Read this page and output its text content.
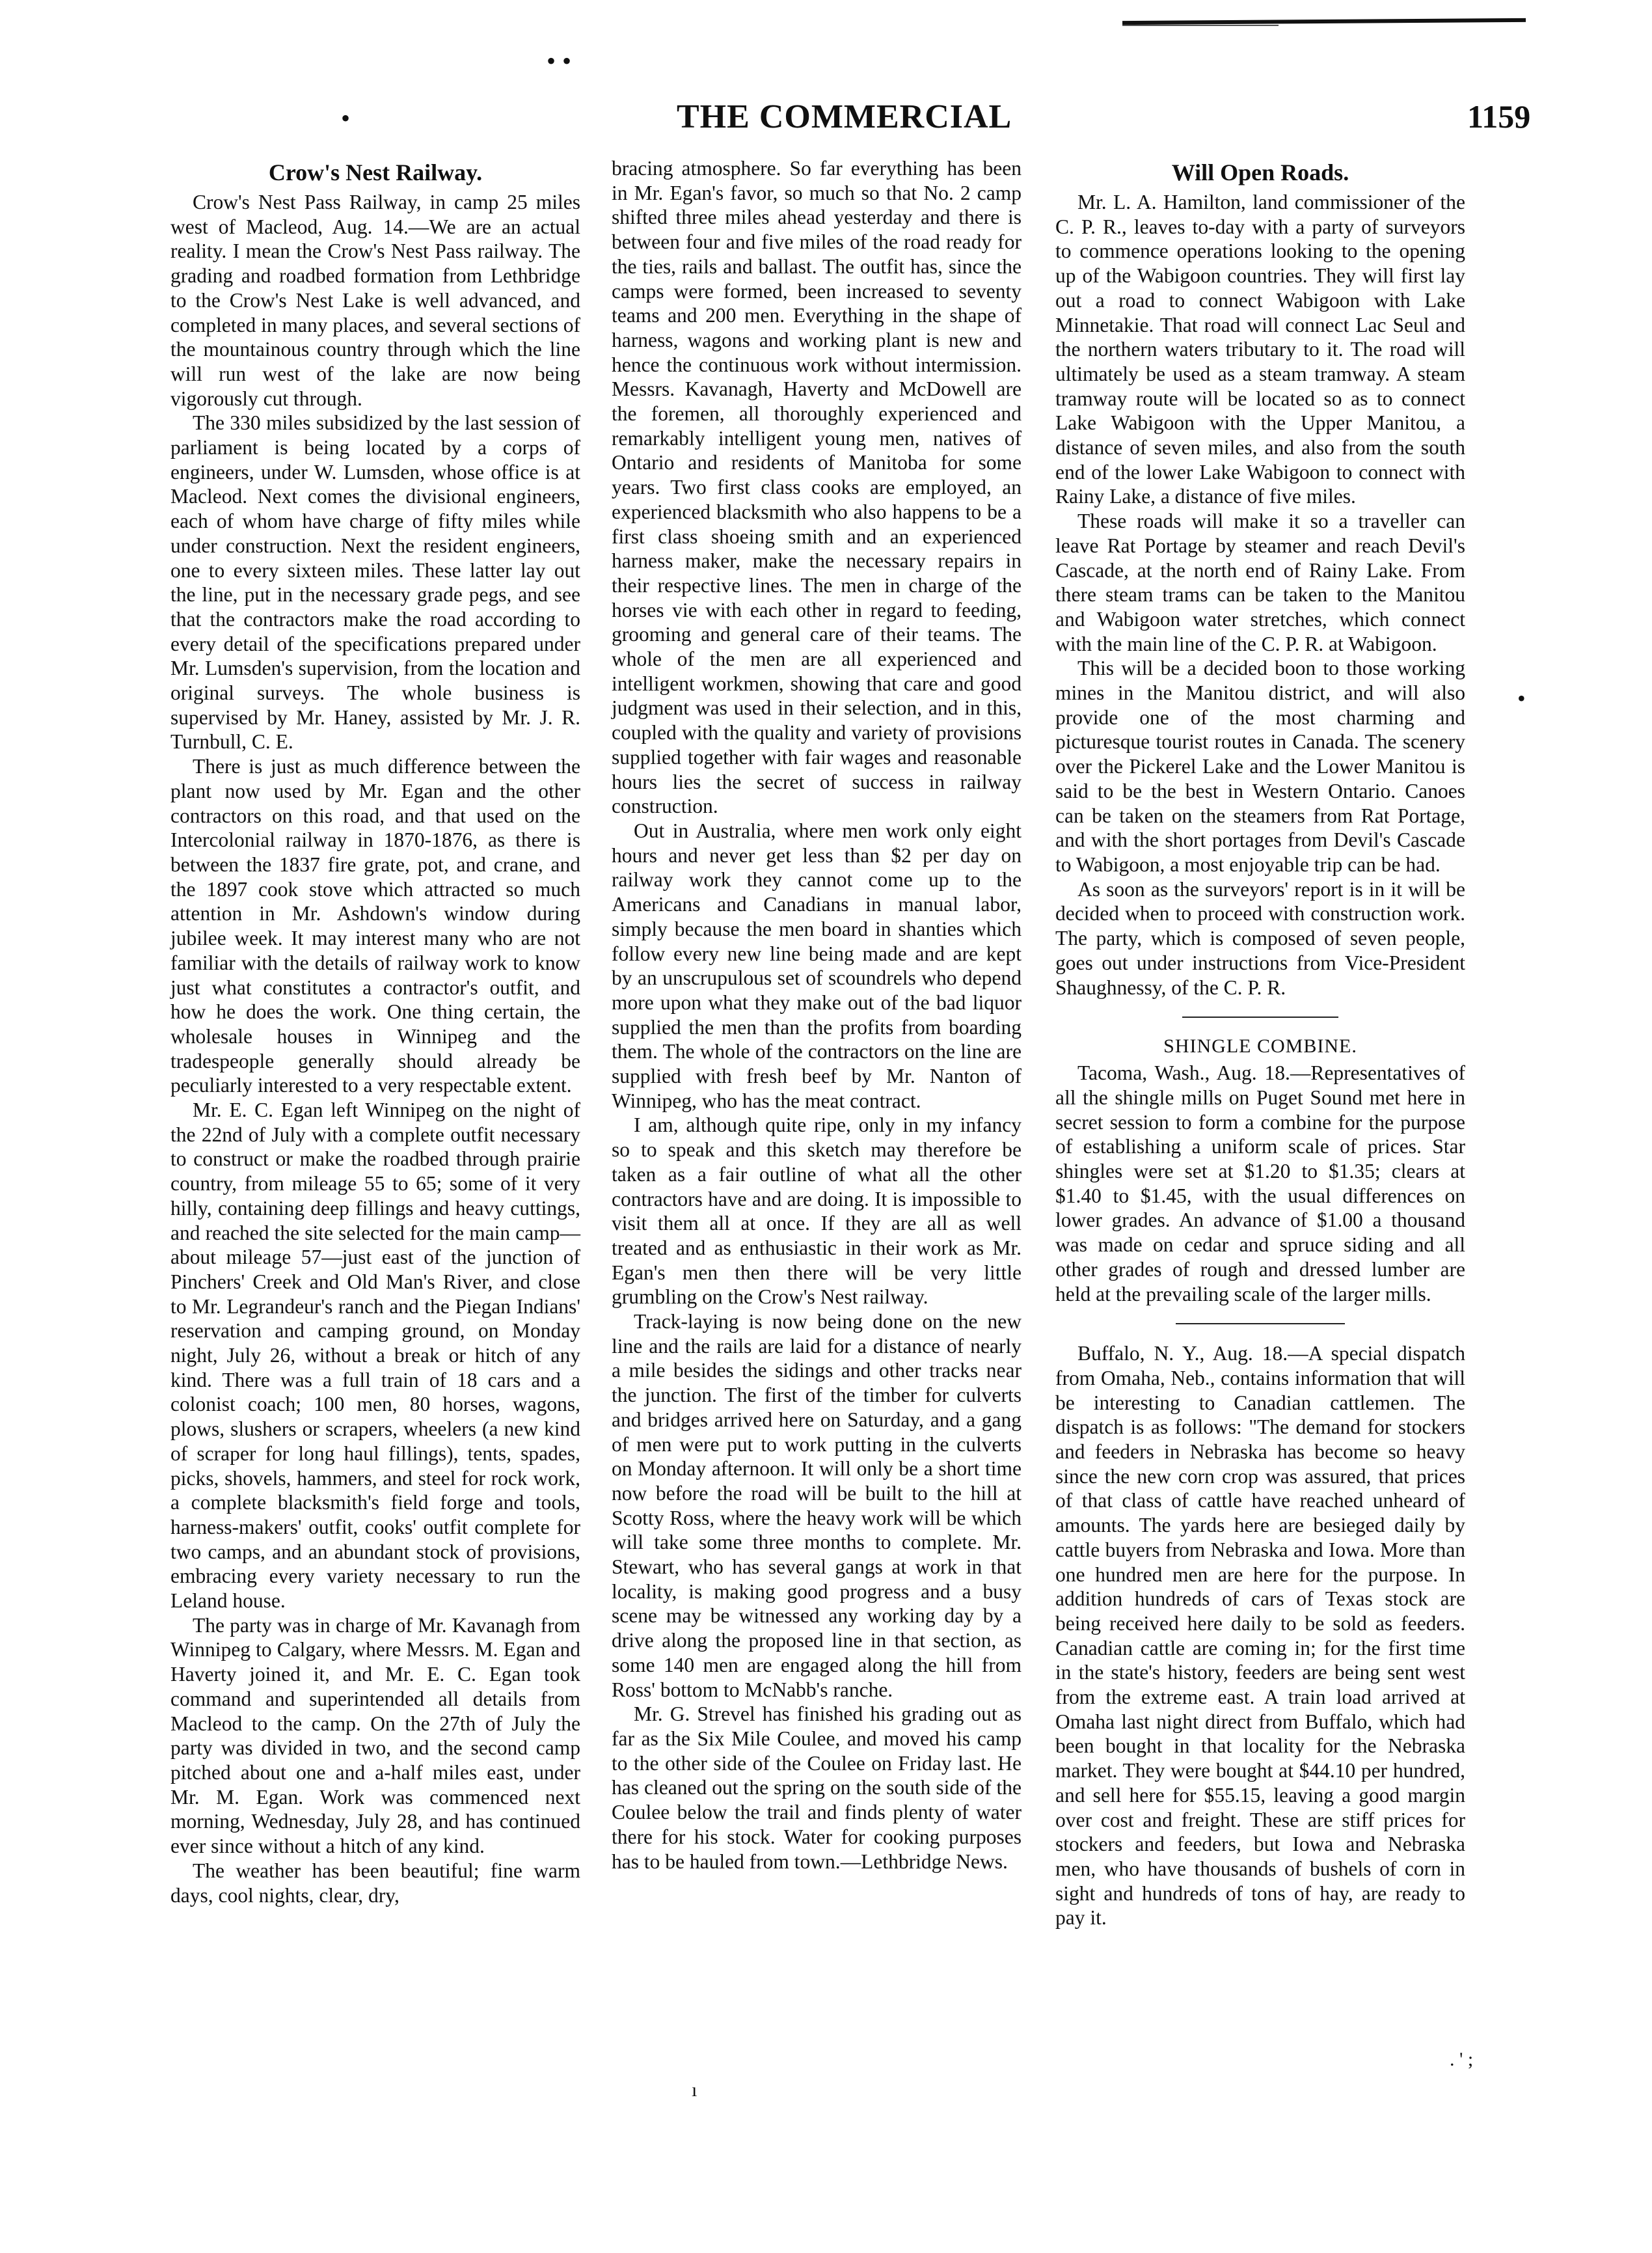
• •
•
•	THE COMMERCIAL	1159
Crow's Nest Railway.

Crow's Nest Pass Railway, in camp 25 miles west of Macleod, Aug. 14.—We are an actual reality. I mean the Crow's Nest Pass railway. The grading and roadbed formation from Lethbridge to the Crow's Nest Lake is well advanced, and completed in many places, and several sections of the mountainous country through which the line will run west of the lake are now being vigorously cut through.

The 330 miles subsidized by the last session of parliament is being located by a corps of engineers, under W. Lumsden, whose office is at Macleod. Next comes the divisional engineers, each of whom have charge of fifty miles while under construction. Next the resident engineers, one to every sixteen miles. These latter lay out the line, put in the necessary grade pegs, and see that the contractors make the road according to every detail of the specifications prepared under Mr. Lumsden's supervision, from the location and original surveys. The whole business is supervised by Mr. Haney, assisted by Mr. J. R. Turnbull, C. E.

There is just as much difference between the plant now used by Mr. Egan and the other contractors on this road, and that used on the Intercolonial railway in 1870-1876, as there is between the 1837 fire grate, pot, and crane, and the 1897 cook stove which attracted so much attention in Mr. Ashdown's window during jubilee week. It may interest many who are not familiar with the details of railway work to know just what constitutes a contractor's outfit, and how he does the work. One thing certain, the wholesale houses in Winnipeg and the tradespeople generally should already be peculiarly interested to a very respectable extent.

Mr. E. C. Egan left Winnipeg on the night of the 22nd of July with a complete outfit necessary to construct or make the roadbed through prairie country, from mileage 55 to 65; some of it very hilly, containing deep fillings and heavy cuttings, and reached the site selected for the main camp—about mileage 57—just east of the junction of Pinchers' Creek and Old Man's River, and close to Mr. Legrandeur's ranch and the Piegan Indians' reservation and camping ground, on Monday night, July 26, without a break or hitch of any kind. There was a full train of 18 cars and a colonist coach; 100 men, 80 horses, wagons, plows, slushers or scrapers, wheelers (a new kind of scraper for long haul fillings), tents, spades, picks, shovels, hammers, and steel for rock work, a complete blacksmith's field forge and tools, harness-makers' outfit, cooks' outfit complete for two camps, and an abundant stock of provisions, embracing every variety necessary to run the Leland house.

The party was in charge of Mr. Kavanagh from Winnipeg to Calgary, where Messrs. M. Egan and Haverty joined it, and Mr. E. C. Egan took command and superintended all details from Macleod to the camp. On the 27th of July the party was divided in two, and the second camp pitched about one and a-half miles east, under Mr. M. Egan. Work was commenced next morning, Wednesday, July 28, and has continued ever since without a hitch of any kind.

The weather has been beautiful; fine warm days, cool nights, clear, dry,

bracing atmosphere. So far everything has been in Mr. Egan's favor, so much so that No. 2 camp shifted three miles ahead yesterday and there is between four and five miles of the road ready for the ties, rails and ballast. The outfit has, since the camps were formed, been increased to seventy teams and 200 men. Everything in the shape of harness, wagons and working plant is new and hence the continuous work without intermission. Messrs. Kavanagh, Haverty and McDowell are the foremen, all thoroughly experienced and remarkably intelligent young men, natives of Ontario and residents of Manitoba for some years. Two first class cooks are employed, an experienced blacksmith who also happens to be a first class shoeing smith and an experienced harness maker, make the necessary repairs in their respective lines. The men in charge of the horses vie with each other in regard to feeding, grooming and general care of their teams. The whole of the men are all experienced and intelligent workmen, showing that care and good judgment was used in their selection, and in this, coupled with the quality and variety of provisions supplied together with fair wages and reasonable hours lies the secret of success in railway construction.

Out in Australia, where men work only eight hours and never get less than $2 per day on railway work they cannot come up to the Americans and Canadians in manual labor, simply because the men board in shanties which follow every new line being made and are kept by an unscrupulous set of scoundrels who depend more upon what they make out of the bad liquor supplied the men than the profits from boarding them. The whole of the contractors on the line are supplied with fresh beef by Mr. Nanton of Winnipeg, who has the meat contract.

I am, although quite ripe, only in my infancy so to speak and this sketch may therefore be taken as a fair outline of what all the other contractors have and are doing. It is impossible to visit them all at once. If they are all as well treated and as enthusiastic in their work as Mr. Egan's men then there will be very little grumbling on the Crow's Nest railway.

Track-laying is now being done on the new line and the rails are laid for a distance of nearly a mile besides the sidings and other tracks near the junction. The first of the timber for culverts and bridges arrived here on Saturday, and a gang of men were put to work putting in the culverts on Monday afternoon. It will only be a short time now before the road will be built to the hill at Scotty Ross, where the heavy work will be which will take some three months to complete. Mr. Stewart, who has several gangs at work in that locality, is making good progress and a busy scene may be witnessed any working day by a drive along the proposed line in that section, as some 140 men are engaged along the hill from Ross' bottom to McNabb's ranche.

Mr. G. Strevel has finished his grading out as far as the Six Mile Coulee, and moved his camp to the other side of the Coulee on Friday last. He has cleaned out the spring on the south side of the Coulee below the trail and finds plenty of water there for his stock. Water for cooking purposes has to be hauled from town.—Lethbridge News.

Will Open Roads.

Mr. L. A. Hamilton, land commissioner of the C. P. R., leaves to-day with a party of surveyors to commence operations looking to the opening up of the Wabigoon countries. They will first lay out a road to connect Wabigoon with Lake Minnetakie. That road will connect Lac Seul and the northern waters tributary to it. The road will ultimately be used as a steam tramway. A steam tramway route will be located so as to connect Lake Wabigoon with the Upper Manitou, a distance of seven miles, and also from the south end of the lower Lake Wabigoon to connect with Rainy Lake, a distance of five miles.

These roads will make it so a traveller can leave Rat Portage by steamer and reach Devil's Cascade, at the north end of Rainy Lake. From there steam trams can be taken to the Manitou and Wabigoon water stretches, which connect with the main line of the C. P. R. at Wabigoon.

This will be a decided boon to those working mines in the Manitou district, and will also provide one of the most charming and picturesque tourist routes in Canada. The scenery over the Pickerel Lake and the Lower Manitou is said to be the best in Western Ontario. Canoes can be taken on the steamers from Rat Portage, and with the short portages from Devil's Cascade to Wabigoon, a most enjoyable trip can be had.

As soon as the surveyors' report is in it will be decided when to proceed with construction work. The party, which is composed of seven people, goes out under instructions from Vice-President Shaughnessy, of the C. P. R.

SHINGLE COMBINE.

Tacoma, Wash., Aug. 18.—Representatives of all the shingle mills on Puget Sound met here in secret session to form a combine for the purpose of establishing a uniform scale of prices. Star shingles were set at $1.20 to $1.35; clears at $1.40 to $1.45, with the usual differences on lower grades. An advance of $1.00 a thousand was made on cedar and spruce siding and all other grades of rough and dressed lumber are held at the prevailing scale of the larger mills.

Buffalo, N. Y., Aug. 18.—A special dispatch from Omaha, Neb., contains information that will be interesting to Canadian cattlemen. The dispatch is as follows: "The demand for stockers and feeders in Nebraska has become so heavy since the new corn crop was assured, that prices of that class of cattle have reached unheard of amounts. The yards here are besieged daily by cattle buyers from Nebraska and Iowa. More than one hundred men are here for the purpose. In addition hundreds of cars of Texas stock are being received here daily to be sold as feeders. Canadian cattle are coming in; for the first time in the state's history, feeders are being sent west from the extreme east. A train load arrived at Omaha last night direct from Buffalo, which had been bought in that locality for the Nebraska market. They were bought at $44.10 per hundred, and sell here for $55.15, leaving a good margin over cost and freight. These are stiff prices for stockers and feeders, but Iowa and Nebraska men, who have thousands of bushels of corn in sight and hundreds of tons of hay, are ready to pay it.

ı
. ' ;
